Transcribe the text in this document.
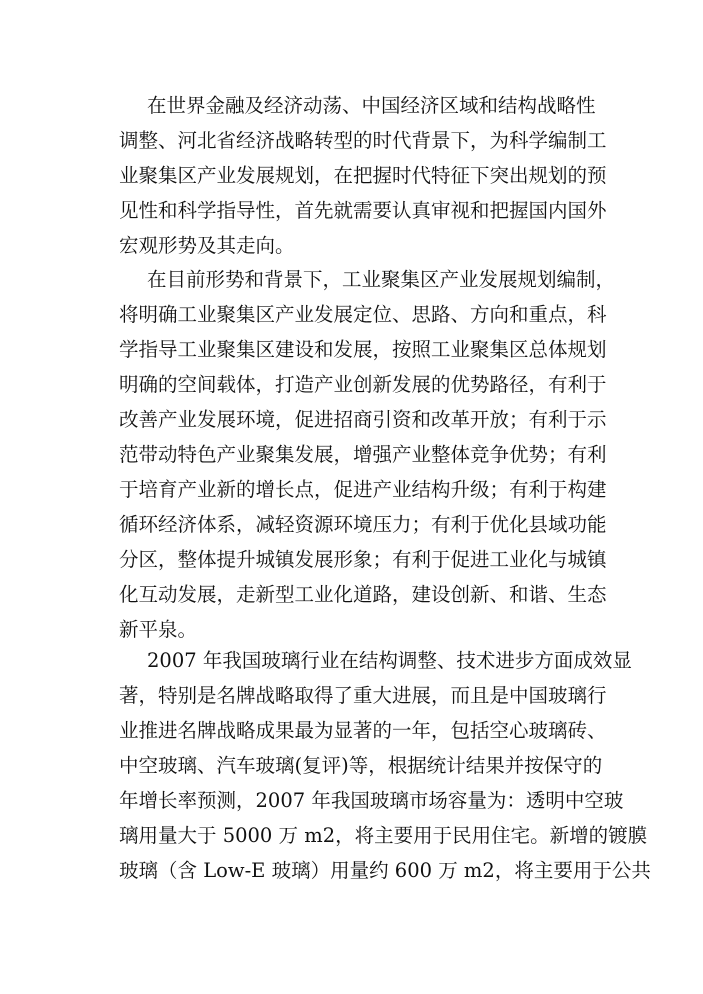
在世界金融及经济动荡、中国经济区域和结构战略性
调整、河北省经济战略转型的时代背景下，为科学编制工
业聚集区产业发展规划，在把握时代特征下突出规划的预
见性和科学指导性，首先就需要认真审视和把握国内国外
宏观形势及其走向。
在目前形势和背景下，工业聚集区产业发展规划编制，
将明确工业聚集区产业发展定位、思路、方向和重点，科
学指导工业聚集区建设和发展，按照工业聚集区总体规划
明确的空间载体，打造产业创新发展的优势路径，有利于
改善产业发展环境，促进招商引资和改革开放；有利于示
范带动特色产业聚集发展，增强产业整体竞争优势；有利
于培育产业新的增长点，促进产业结构升级；有利于构建
循环经济体系，减轻资源环境压力；有利于优化县域功能
分区，整体提升城镇发展形象；有利于促进工业化与城镇
化互动发展，走新型工业化道路，建设创新、和谐、生态
新平泉。
2007 年我国玻璃行业在结构调整、技术进步方面成效显
著，特别是名牌战略取得了重大进展，而且是中国玻璃行
业推进名牌战略成果最为显著的一年，包括空心玻璃砖、
中空玻璃、汽车玻璃(复评)等，根据统计结果并按保守的
年增长率预测，2007 年我国玻璃市场容量为：透明中空玻
璃用量大于 5000 万 m2，将主要用于民用住宅。新增的镀膜
玻璃（含 Low-E 玻璃）用量约 600 万 m2，将主要用于公共
